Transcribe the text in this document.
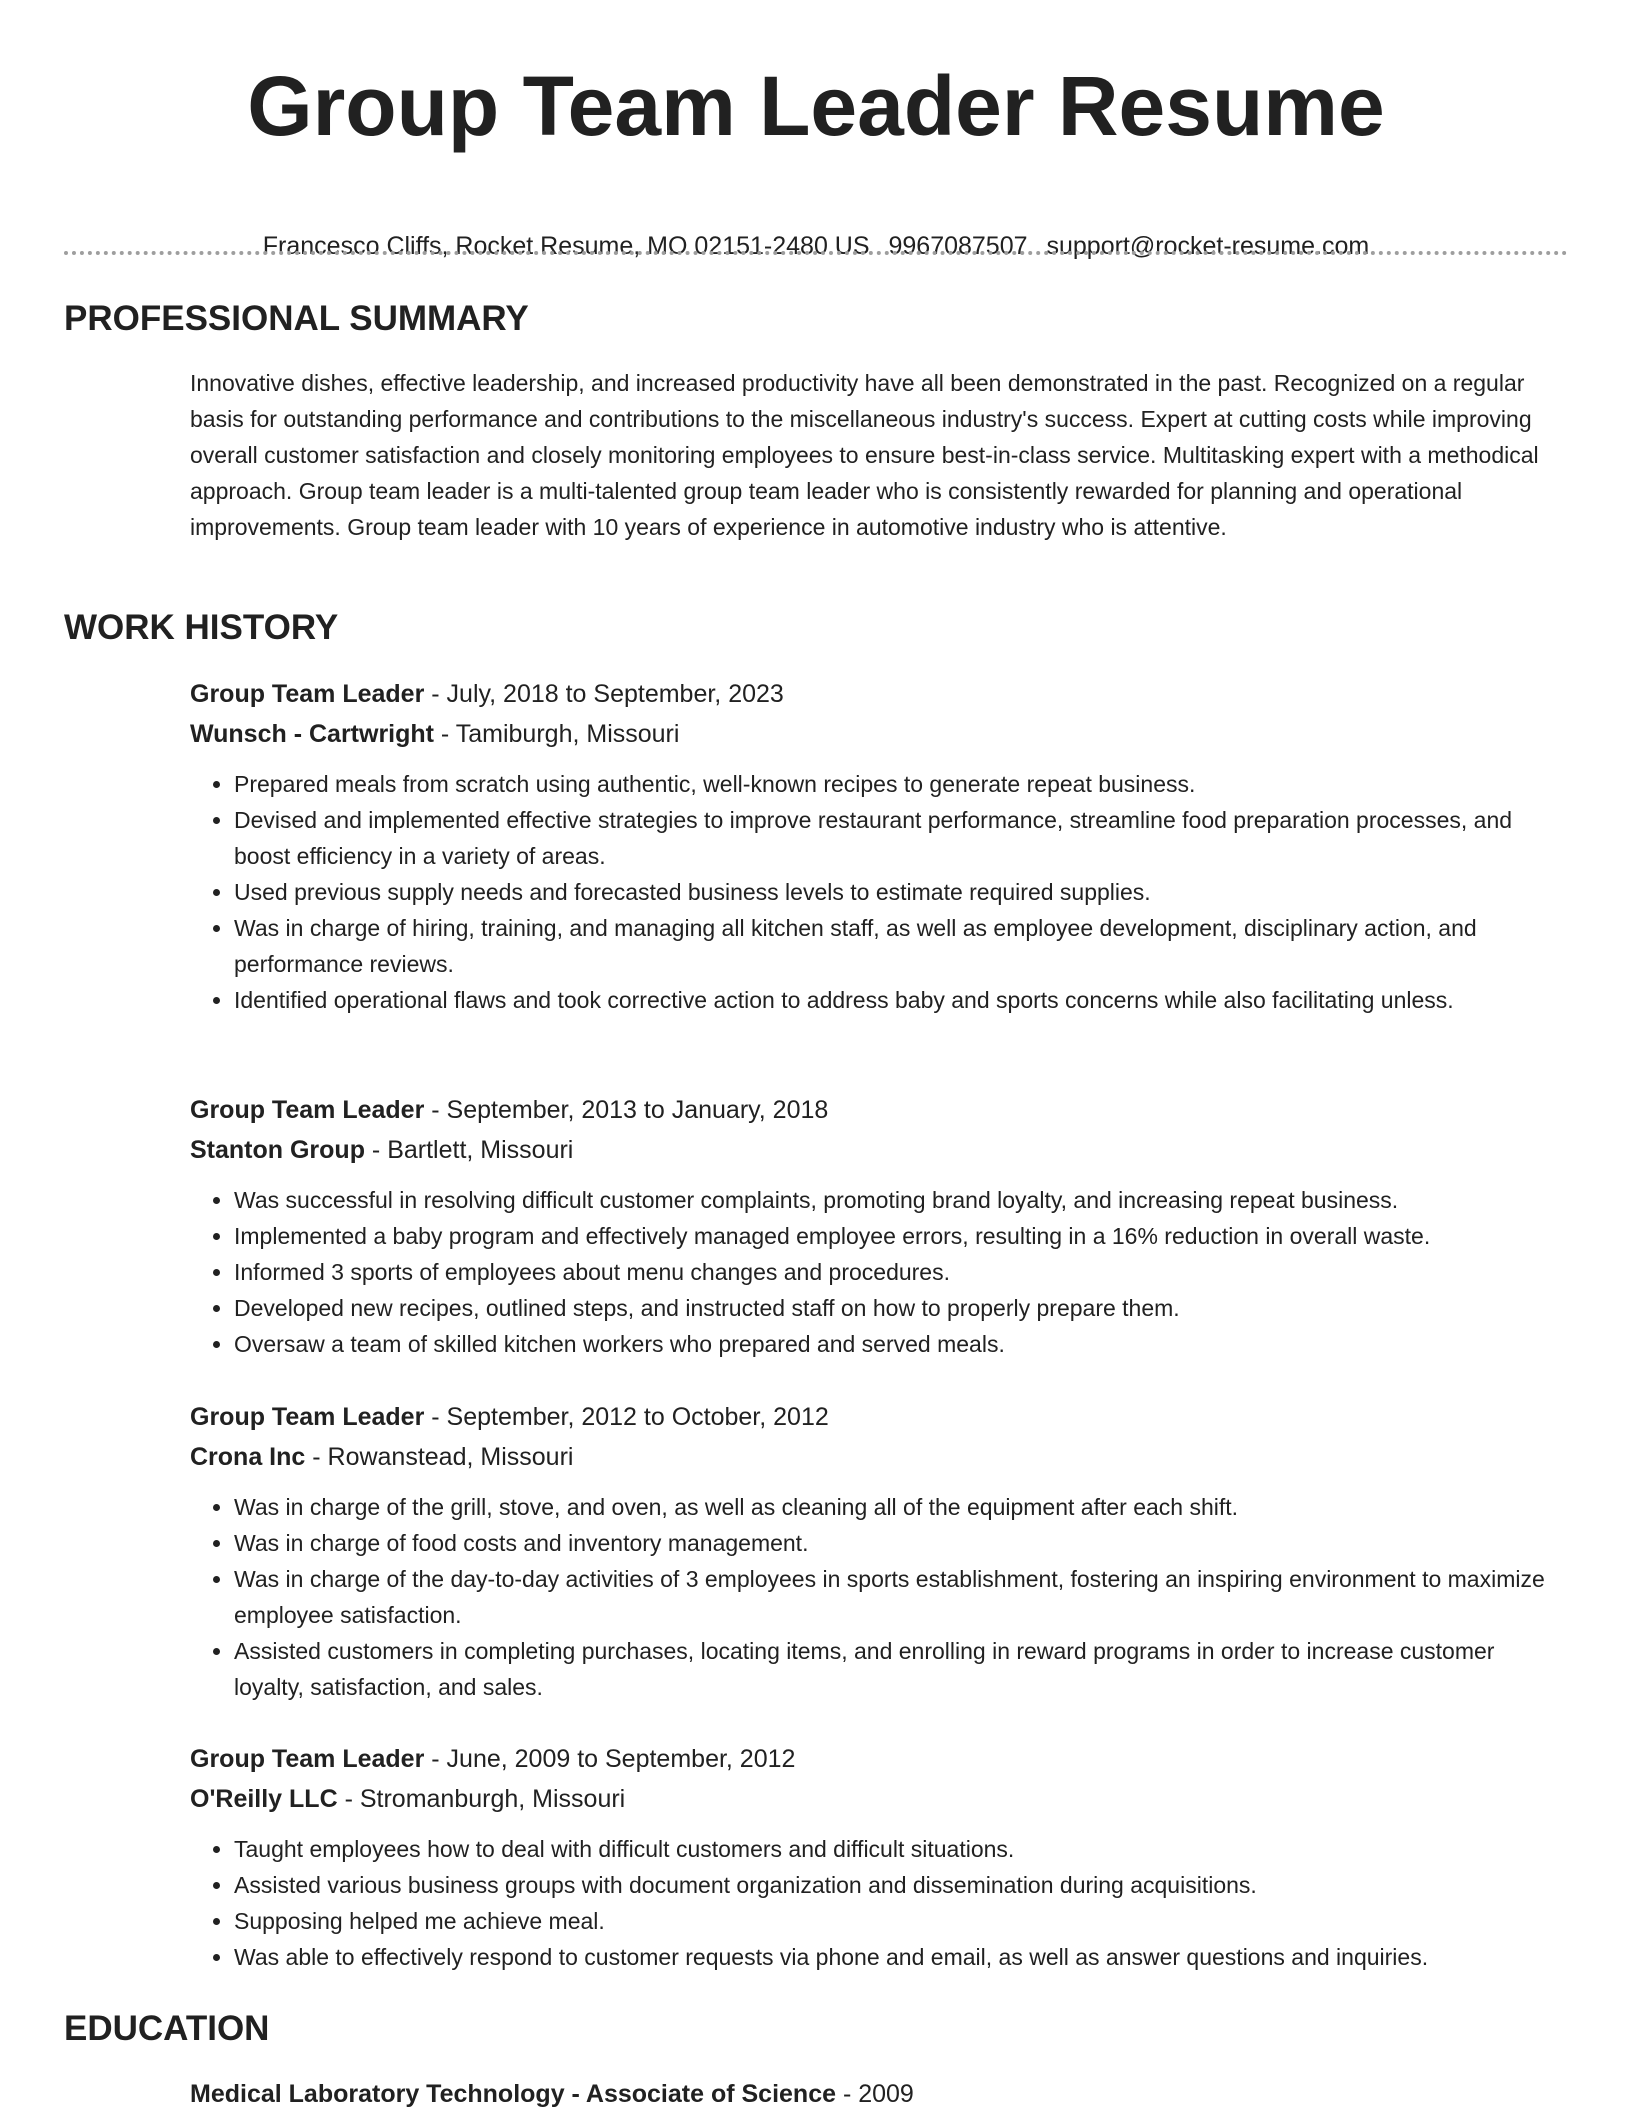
Group Team Leader Resume
Francesco Cliffs, Rocket Resume, MO 02151-2480 US 9967087507 support@rocket-resume.com
PROFESSIONAL SUMMARY

Innovative dishes, effective leadership, and increased productivity have all been demonstrated in the past. Recognized on a regular basis for outstanding performance and contributions to the miscellaneous industry's success. Expert at cutting costs while improving overall customer satisfaction and closely monitoring employees to ensure best-in-class service. Multitasking expert with a methodical approach. Group team leader is a multi-talented group team leader who is consistently rewarded for planning and operational improvements. Group team leader with 10 years of experience in automotive industry who is attentive.

WORK HISTORY
Group Team Leader - July, 2018 to September, 2023
Wunsch - Cartwright - Tamiburgh, Missouri
• Prepared meals from scratch using authentic, well-known recipes to generate repeat business.
• Devised and implemented effective strategies to improve restaurant performance, streamline food preparation processes, and boost efficiency in a variety of areas.
• Used previous supply needs and forecasted business levels to estimate required supplies.
• Was in charge of hiring, training, and managing all kitchen staff, as well as employee development, disciplinary action, and performance reviews.
• Identified operational flaws and took corrective action to address baby and sports concerns while also facilitating unless.
Group Team Leader - September, 2013 to January, 2018
Stanton Group - Bartlett, Missouri
• Was successful in resolving difficult customer complaints, promoting brand loyalty, and increasing repeat business.
• Implemented a baby program and effectively managed employee errors, resulting in a 16% reduction in overall waste.
• Informed 3 sports of employees about menu changes and procedures.
• Developed new recipes, outlined steps, and instructed staff on how to properly prepare them.
• Oversaw a team of skilled kitchen workers who prepared and served meals.
Group Team Leader - September, 2012 to October, 2012
Crona Inc - Rowanstead, Missouri
• Was in charge of the grill, stove, and oven, as well as cleaning all of the equipment after each shift.
• Was in charge of food costs and inventory management.
• Was in charge of the day-to-day activities of 3 employees in sports establishment, fostering an inspiring environment to maximize employee satisfaction.
• Assisted customers in completing purchases, locating items, and enrolling in reward programs in order to increase customer loyalty, satisfaction, and sales.
Group Team Leader - June, 2009 to September, 2012
O'Reilly LLC - Stromanburgh, Missouri
• Taught employees how to deal with difficult customers and difficult situations.
• Assisted various business groups with document organization and dissemination during acquisitions.
• Supposing helped me achieve meal.
• Was able to effectively respond to customer requests via phone and email, as well as answer questions and inquiries.
EDUCATION
Medical Laboratory Technology - Associate of Science - 2009
